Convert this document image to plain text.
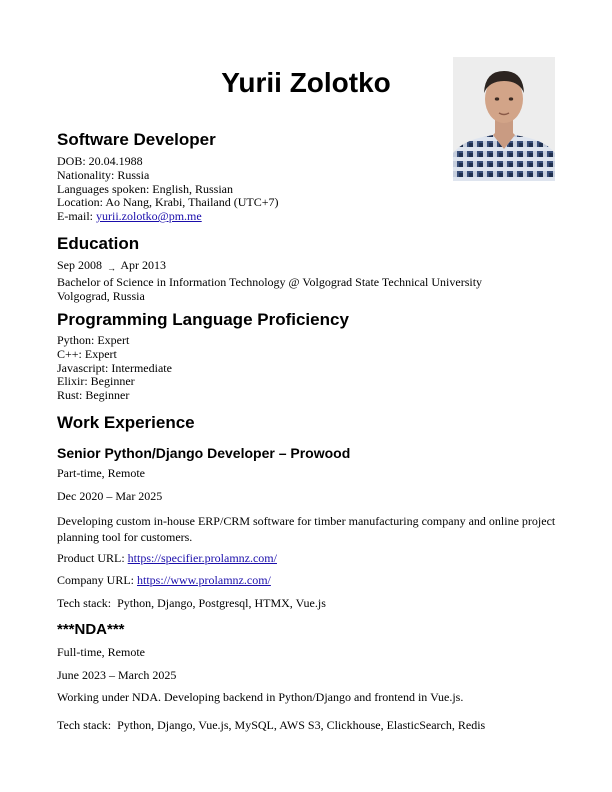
Yurii Zolotko
Software Developer
DOB: 20.04.1988
Nationality: Russia
Languages spoken: English, Russian
Location: Ao Nang, Krabi, Thailand (UTC+7)
E-mail: yurii.zolotko@pm.me
Education
Sep 2008 → Apr 2013
Bachelor of Science in Information Technology @ Volgograd State Technical University
Volgograd, Russia
Programming Language Proficiency
Python: Expert
C++: Expert
Javascript: Intermediate
Elixir: Beginner
Rust: Beginner
Work Experience
Senior Python/Django Developer – Prowood
Part-time, Remote
Dec 2020 – Mar 2025
Developing custom in-house ERP/CRM software for timber manufacturing company and online project planning tool for customers.
Product URL: https://specifier.prolamnz.com/
Company URL: https://www.prolamnz.com/
Tech stack:  Python, Django, Postgresql, HTMX, Vue.js
***NDA***
Full-time, Remote
June 2023 – March 2025
Working under NDA. Developing backend in Python/Django and frontend in Vue.js.
Tech stack:  Python, Django, Vue.js, MySQL, AWS S3, Clickhouse, ElasticSearch, Redis
